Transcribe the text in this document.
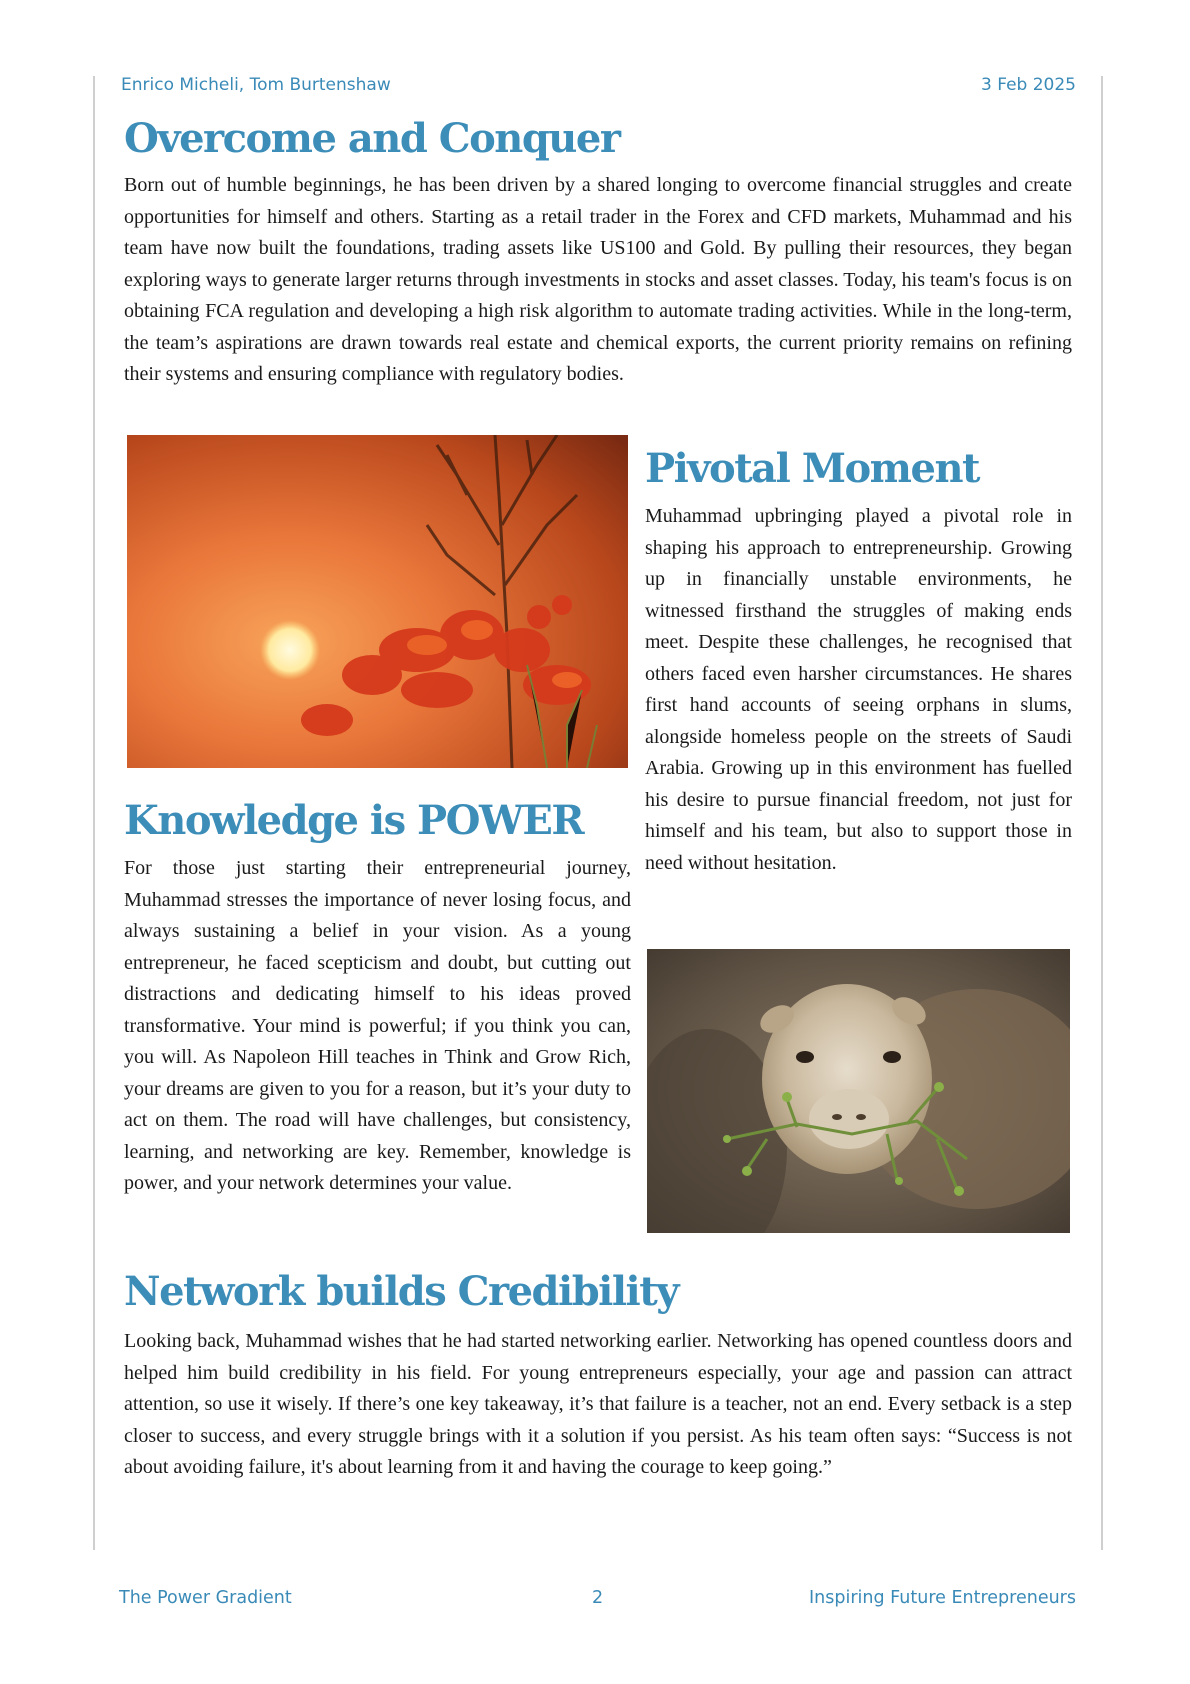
Enrico Micheli, Tom Burtenshaw	3 Feb 2025
Overcome and Conquer

Born out of humble beginnings, he has been driven by a shared longing to overcome financial struggles and create opportunities for himself and others. Starting as a retail trader in the Forex and CFD markets, Muhammad and his team have now built the foundations, trading assets like US100 and Gold. By pulling their resources, they began exploring ways to generate larger returns through investments in stocks and asset classes. Today, his team's focus is on obtaining FCA regulation and developing a high risk algorithm to automate trading activities. While in the long-term, the team’s aspirations are drawn towards real estate and chemical exports, the current priority remains on refining their systems and ensuring compliance with regulatory bodies.

Pivotal Moment

Muhammad upbringing played a pivotal role in shaping his approach to entrepreneurship. Growing up in financially unstable environments, he witnessed firsthand the struggles of making ends meet. Despite these challenges, he recognised that others faced even harsher circumstances. He shares first hand accounts of seeing orphans in slums, alongside homeless people on the streets of Saudi Arabia. Growing up in this environment has fuelled his desire to pursue financial freedom, not just for himself and his team, but also to support those in need without hesitation.

Knowledge is POWER

For those just starting their entrepreneurial journey, Muhammad stresses the importance of never losing focus, and always sustaining a belief in your vision. As a young entrepreneur, he faced scepticism and doubt, but cutting out distractions and dedicating himself to his ideas proved transformative. Your mind is powerful; if you think you can, you will. As Napoleon Hill teaches in Think and Grow Rich, your dreams are given to you for a reason, but it’s your duty to act on them. The road will have challenges, but consistency, learning, and networking are key. Remember, knowledge is power, and your network determines your value.

Network builds Credibility

Looking back, Muhammad wishes that he had started networking earlier. Networking has opened countless doors and helped him build credibility in his field. For young entrepreneurs especially, your age and passion can attract attention, so use it wisely. If there’s one key takeaway, it’s that failure is a teacher, not an end. Every setback is a step closer to success, and every struggle brings with it a solution if you persist. As his team often says: “Success is not about avoiding failure, it's about learning from it and having the courage to keep going.”

The Power Gradient	2	Inspiring Future Entrepreneurs
